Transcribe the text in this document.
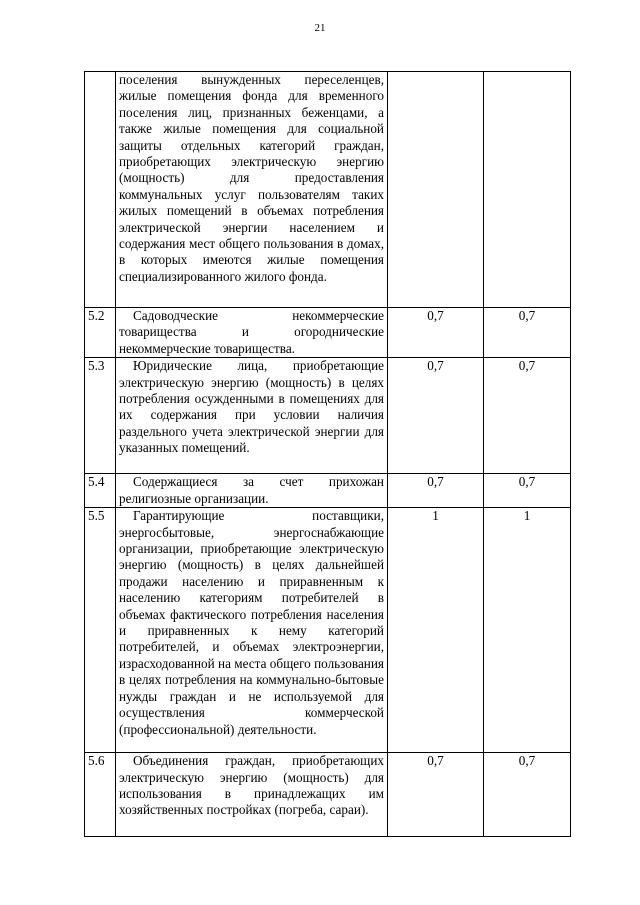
21
	поселения вынужденных переселенцев, жилые помещения фонда для временного поселения лиц, признанных беженцами, а также жилые помещения для социальной защиты отдельных категорий граждан, приобретающих электрическую энергию (мощность) для предоставления коммунальных услуг пользователям таких жилых помещений в объемах потребления электрической энергии населением и содержания мест общего пользования в домах, в которых имеются жилые помещения специализированного жилого фонда.		
5.2	Садоводческие некоммерческие товарищества и огороднические некоммерческие товарищества.	0,7	0,7
5.3	Юридические лица, приобретающие электрическую энергию (мощность) в целях потребления осужденными в помещениях для их содержания при условии наличия раздельного учета электрической энергии для указанных помещений.	0,7	0,7
5.4	Содержащиеся за счет прихожан религиозные организации.	0,7	0,7
5.5	Гарантирующие поставщики, энергосбытовые, энергоснабжающие организации, приобретающие электрическую энергию (мощность) в целях дальнейшей продажи населению и приравненным к населению категориям потребителей в объемах фактического потребления населения и приравненных к нему категорий потребителей, и объемах электроэнергии, израсходованной на места общего пользования в целях потребления на коммунально-бытовые нужды граждан и не используемой для осуществления коммерческой (профессиональной) деятельности.	1	1
5.6	Объединения граждан, приобретающих электрическую энергию (мощность) для использования в принадлежащих им хозяйственных постройках (погреба, сараи).	0,7	0,7
